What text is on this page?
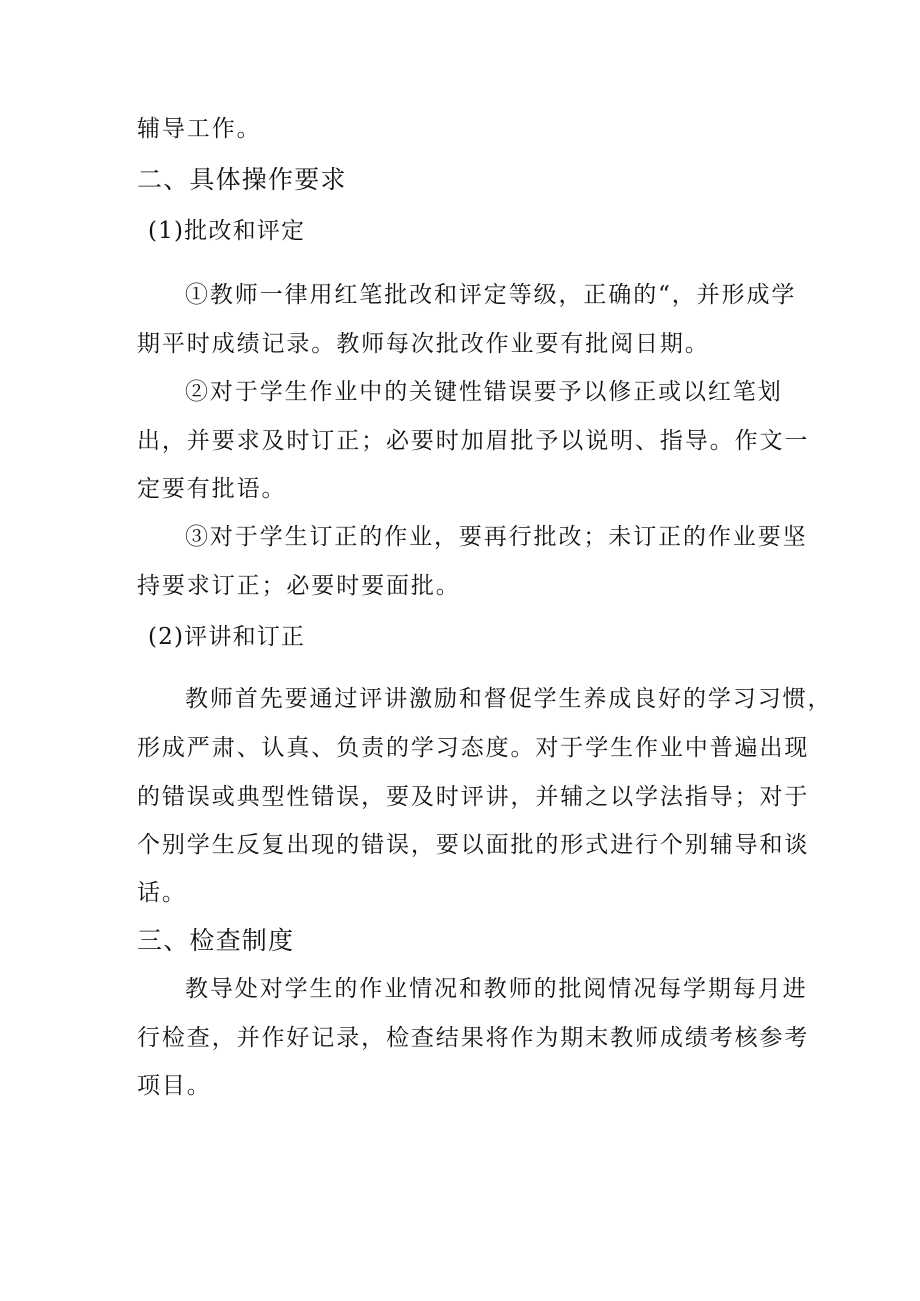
辅导工作。
二、具体操作要求
(1)批改和评定
①教师一律用红笔批改和评定等级，正确的“，并形成学
期平时成绩记录。教师每次批改作业要有批阅日期。
②对于学生作业中的关键性错误要予以修正或以红笔划
出，并要求及时订正；必要时加眉批予以说明、指导。作文一
定要有批语。
③对于学生订正的作业，要再行批改；未订正的作业要坚
持要求订正；必要时要面批。
(2)评讲和订正
教师首先要通过评讲激励和督促学生养成良好的学习习惯，
形成严肃、认真、负责的学习态度。对于学生作业中普遍出现
的错误或典型性错误，要及时评讲，并辅之以学法指导；对于
个别学生反复出现的错误，要以面批的形式进行个别辅导和谈
话。
三、检查制度
教导处对学生的作业情况和教师的批阅情况每学期每月进
行检查，并作好记录，检查结果将作为期末教师成绩考核参考
项目。
